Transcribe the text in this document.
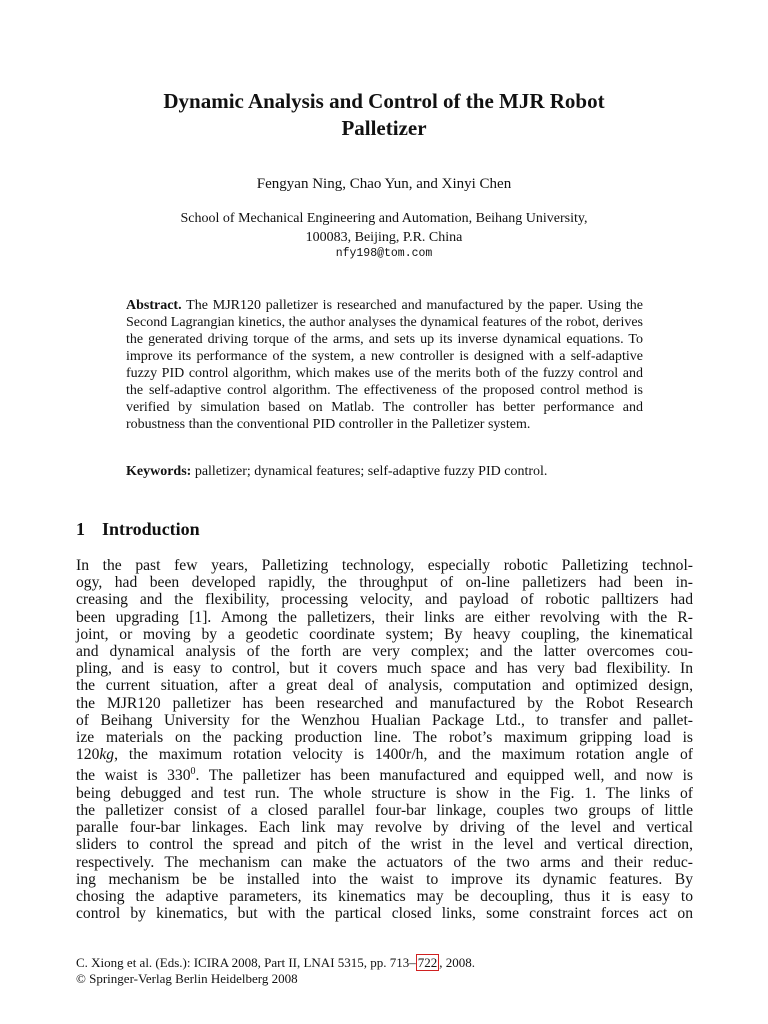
Dynamic Analysis and Control of the MJR Robot
Palletizer
Fengyan Ning, Chao Yun, and Xinyi Chen
School of Mechanical Engineering and Automation, Beihang University,
100083, Beijing, P.R. China
nfy198@tom.com

Abstract. The MJR120 palletizer is researched and manufactured by the paper. Using the Second Lagrangian kinetics, the author analyses the dynamical features of the robot, derives the generated driving torque of the arms, and sets up its inverse dynamical equations. To improve its performance of the system, a new controller is designed with a self-adaptive fuzzy PID control algorithm, which makes use of the merits both of the fuzzy control and the self-adaptive control algorithm. The effectiveness of the proposed control method is verified by simulation based on Matlab. The controller has better performance and robustness than the conventional PID controller in the Palletizer system.

Keywords: palletizer; dynamical features; self-adaptive fuzzy PID control.

1 Introduction
In the past few years, Palletizing technology, especially robotic Palletizing technol-
ogy, had been developed rapidly, the throughput of on-line palletizers had been in-
creasing and the flexibility, processing velocity, and payload of robotic palltizers had
been upgrading [1]. Among the palletizers, their links are either revolving with the R-
joint, or moving by a geodetic coordinate system; By heavy coupling, the kinematical
and dynamical analysis of the forth are very complex; and the latter overcomes cou-
pling, and is easy to control, but it covers much space and has very bad flexibility. In
the current situation, after a great deal of analysis, computation and optimized design,
the MJR120 palletizer has been researched and manufactured by the Robot Research
of Beihang University for the Wenzhou Hualian Package Ltd., to transfer and pallet-
ize materials on the packing production line. The robot’s maximum gripping load is
120kg, the maximum rotation velocity is 1400r/h, and the maximum rotation angle of
the waist is $330^0$. The palletizer has been manufactured and equipped well, and now is
being debugged and test run. The whole structure is show in the Fig. 1. The links of
the palletizer consist of a closed parallel four-bar linkage, couples two groups of little
paralle four-bar linkages. Each link may revolve by driving of the level and vertical
sliders to control the spread and pitch of the wrist in the level and vertical direction,
respectively. The mechanism can make the actuators of the two arms and their reduc-
ing mechanism be be installed into the waist to improve its dynamic features. By
chosing the adaptive parameters, its kinematics may be decoupling, thus it is easy to
control by kinematics, but with the partical closed links, some constraint forces act on
C. Xiong et al. (Eds.): ICIRA 2008, Part II, LNAI 5315, pp. 713– 722 , 2008.
© Springer-Verlag Berlin Heidelberg 2008
